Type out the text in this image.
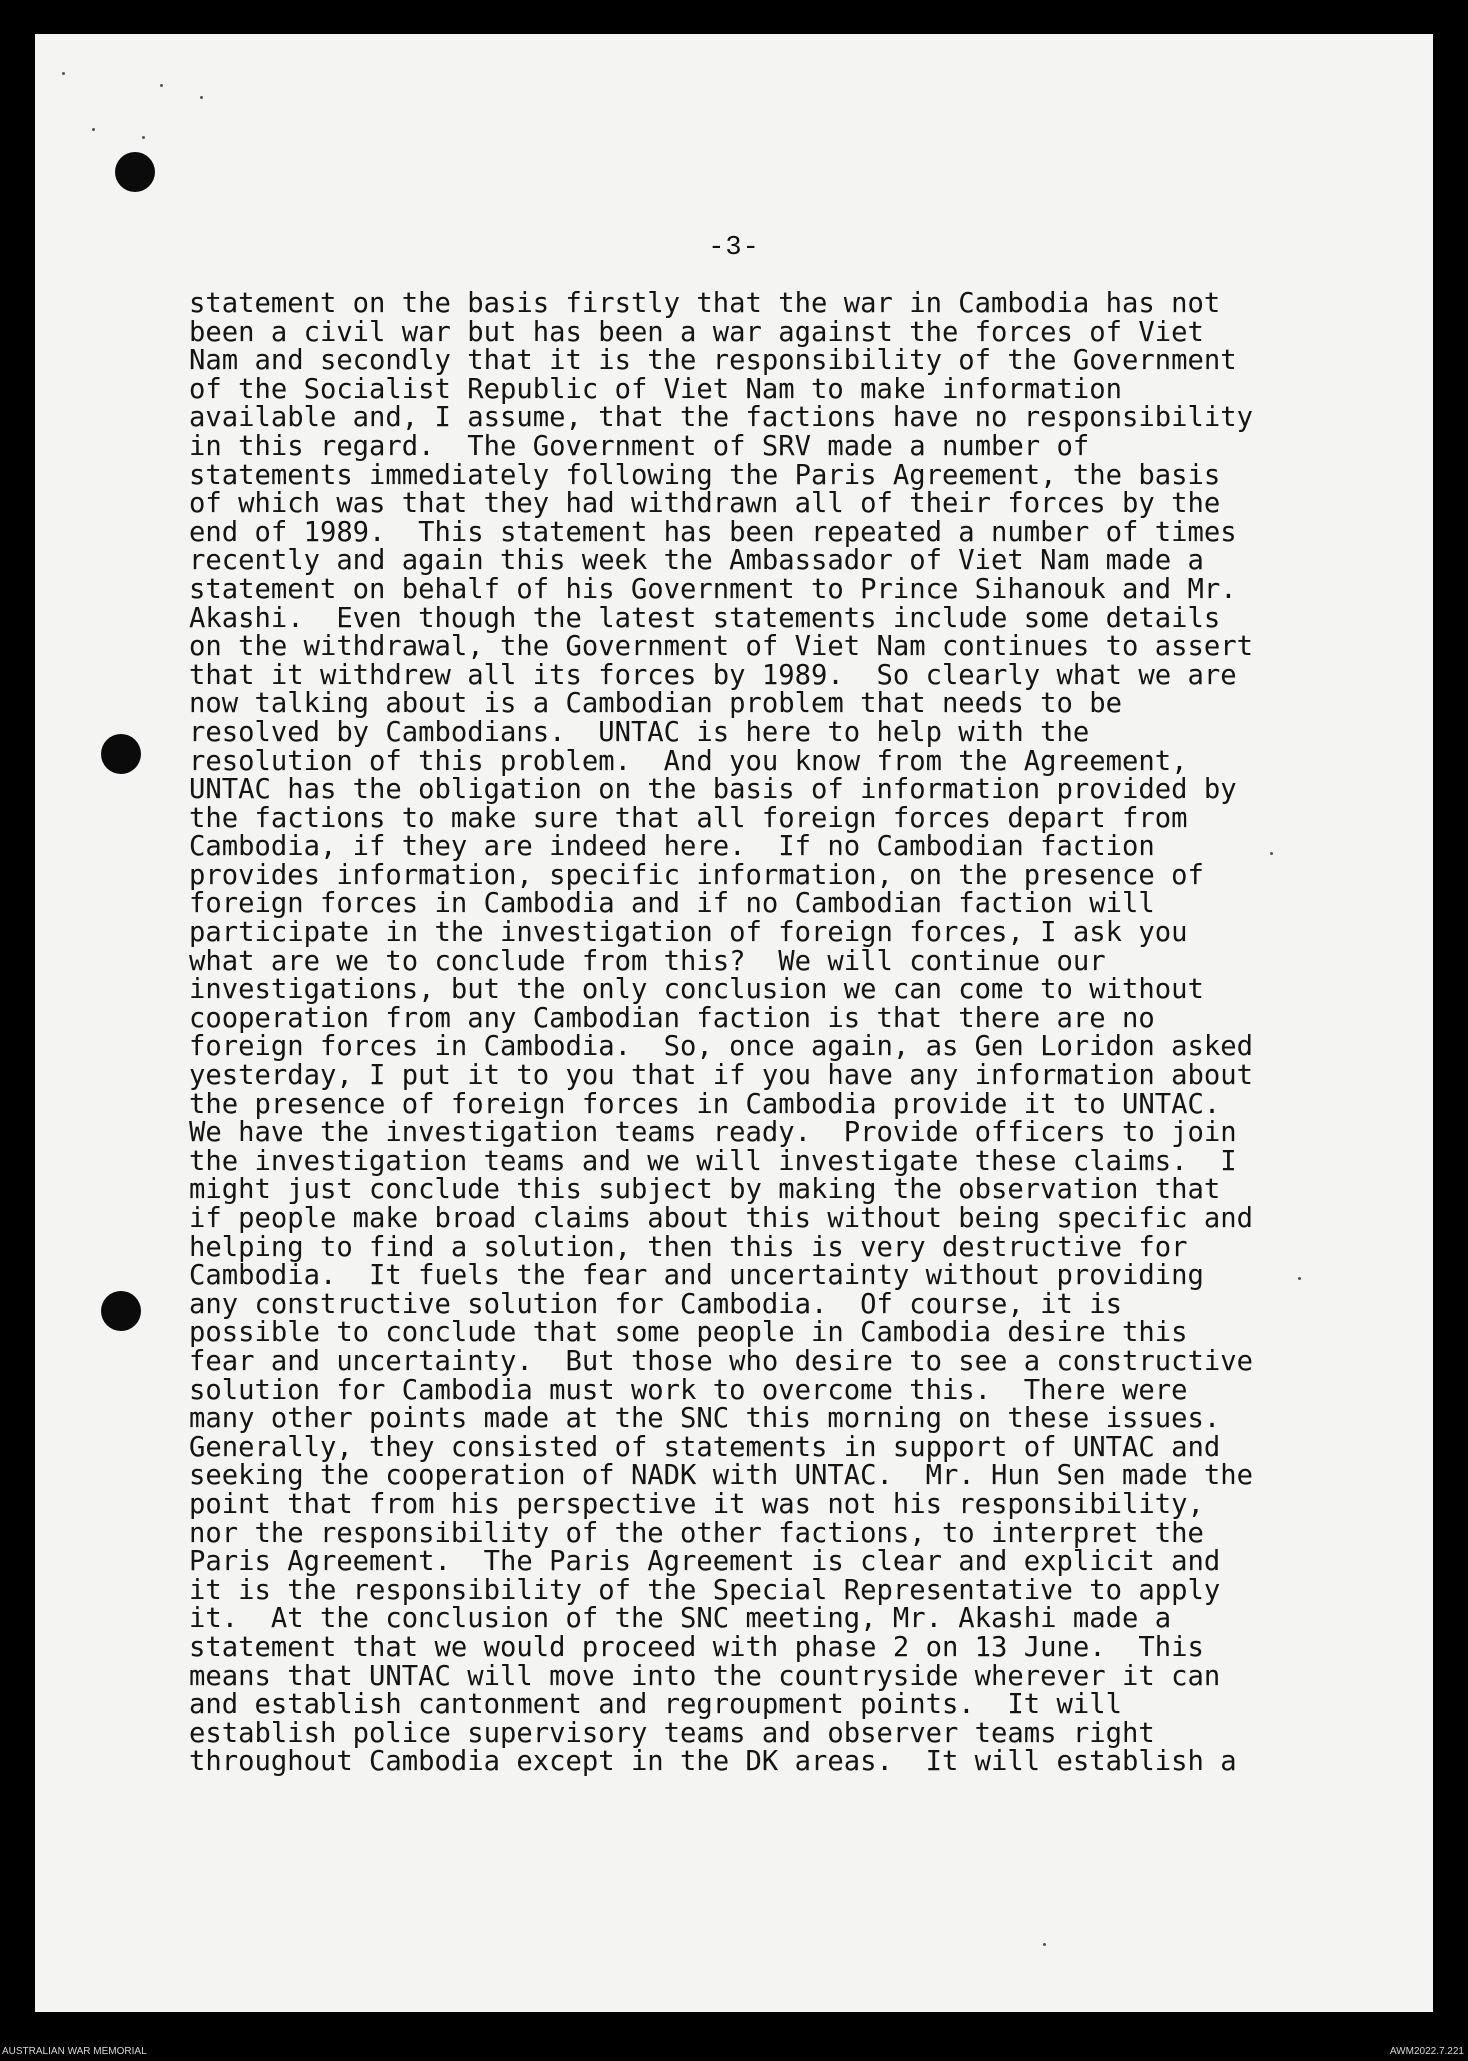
-3-
statement on the basis firstly that the war in Cambodia has not
been a civil war but has been a war against the forces of Viet
Nam and secondly that it is the responsibility of the Government
of the Socialist Republic of Viet Nam to make information
available and, I assume, that the factions have no responsibility
in this regard.  The Government of SRV made a number of
statements immediately following the Paris Agreement, the basis
of which was that they had withdrawn all of their forces by the
end of 1989.  This statement has been repeated a number of times
recently and again this week the Ambassador of Viet Nam made a
statement on behalf of his Government to Prince Sihanouk and Mr.
Akashi.  Even though the latest statements include some details
on the withdrawal, the Government of Viet Nam continues to assert
that it withdrew all its forces by 1989.  So clearly what we are
now talking about is a Cambodian problem that needs to be
resolved by Cambodians.  UNTAC is here to help with the
resolution of this problem.  And you know from the Agreement,
UNTAC has the obligation on the basis of information provided by
the factions to make sure that all foreign forces depart from
Cambodia, if they are indeed here.  If no Cambodian faction
provides information, specific information, on the presence of
foreign forces in Cambodia and if no Cambodian faction will
participate in the investigation of foreign forces, I ask you
what are we to conclude from this?  We will continue our
investigations, but the only conclusion we can come to without
cooperation from any Cambodian faction is that there are no
foreign forces in Cambodia.  So, once again, as Gen Loridon asked
yesterday, I put it to you that if you have any information about
the presence of foreign forces in Cambodia provide it to UNTAC.
We have the investigation teams ready.  Provide officers to join
the investigation teams and we will investigate these claims.  I
might just conclude this subject by making the observation that
if people make broad claims about this without being specific and
helping to find a solution, then this is very destructive for
Cambodia.  It fuels the fear and uncertainty without providing
any constructive solution for Cambodia.  Of course, it is
possible to conclude that some people in Cambodia desire this
fear and uncertainty.  But those who desire to see a constructive
solution for Cambodia must work to overcome this.  There were
many other points made at the SNC this morning on these issues.
Generally, they consisted of statements in support of UNTAC and
seeking the cooperation of NADK with UNTAC.  Mr. Hun Sen made the
point that from his perspective it was not his responsibility,
nor the responsibility of the other factions, to interpret the
Paris Agreement.  The Paris Agreement is clear and explicit and
it is the responsibility of the Special Representative to apply
it.  At the conclusion of the SNC meeting, Mr. Akashi made a
statement that we would proceed with phase 2 on 13 June.  This
means that UNTAC will move into the countryside wherever it can
and establish cantonment and regroupment points.  It will
establish police supervisory teams and observer teams right
throughout Cambodia except in the DK areas.  It will establish a
AUSTRALIAN WAR MEMORIAL	AWM2022.7.221
